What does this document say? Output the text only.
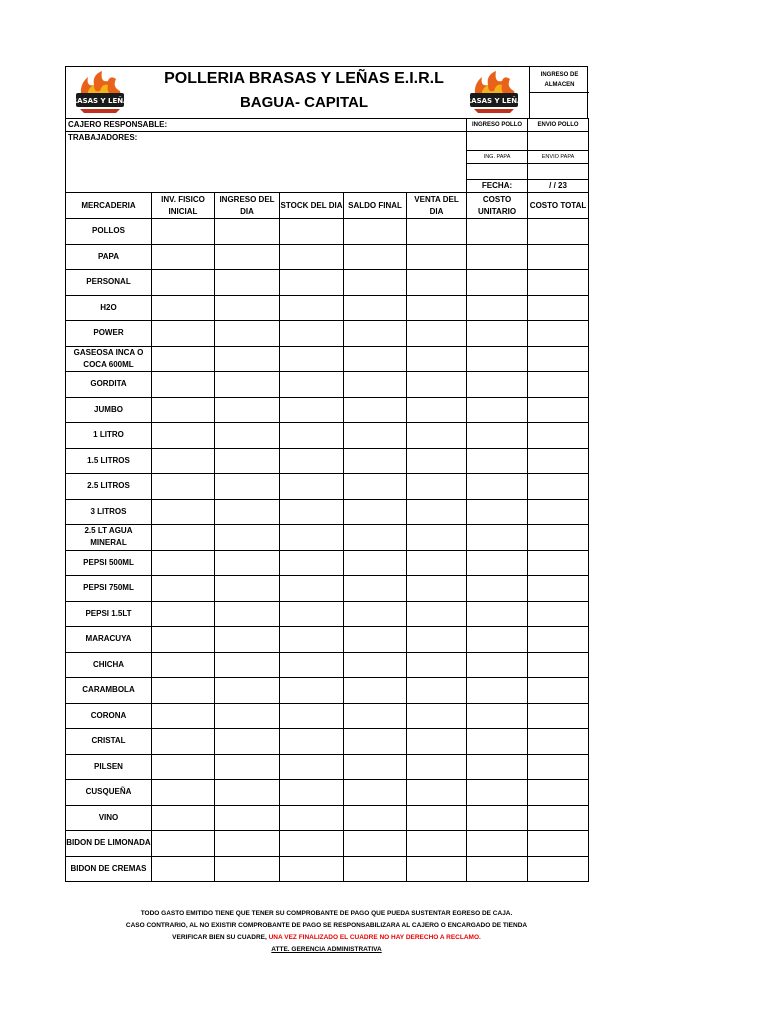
BRASAS Y LEÑAS
POLLERIA BRASAS Y LEÑAS E.I.R.L
BAGUA- CAPITAL	BRASAS Y LEÑAS
INGRESO DE ALMACEN
CAJERO RESPONSABLE:						INGRESO POLLO	ENVIO POLLO
TRABAJADORES:							
						ING. PAPA	ENVIO PAPA

						FECHA:	/ / 23
MERCADERIA	INV. FISICO INICIAL	INGRESO DEL DIA	STOCK DEL DIA	SALDO FINAL	VENTA DEL DIA	COSTO UNITARIO	COSTO TOTAL
POLLOS							
PAPA							
PERSONAL							
H2O							
POWER							
GASEOSA INCA O COCA 600ML							
GORDITA							
JUMBO							
1 LITRO							
1.5 LITROS							
2.5 LITROS							
3 LITROS							
2.5 LT AGUA MINERAL							
PEPSI 500ML							
PEPSI 750ML							
PEPSI 1.5LT							
MARACUYA							
CHICHA							
CARAMBOLA							
CORONA							
CRISTAL							
PILSEN							
CUSQUEÑA							
VINO							
BIDON DE LIMONADA							
BIDON DE CREMAS							
TODO GASTO EMITIDO TIENE QUE TENER SU COMPROBANTE DE PAGO QUE PUEDA SUSTENTAR EGRESO DE CAJA.
CASO CONTRARIO, AL NO EXISTIR COMPROBANTE DE PAGO SE RESPONSABILIZARA AL CAJERO O ENCARGADO DE TIENDA
VERIFICAR BIEN SU CUADRE, UNA VEZ FINALIZADO EL CUADRE NO HAY DERECHO A RECLAMO.
ATTE. GERENCIA ADMINISTRATIVA
